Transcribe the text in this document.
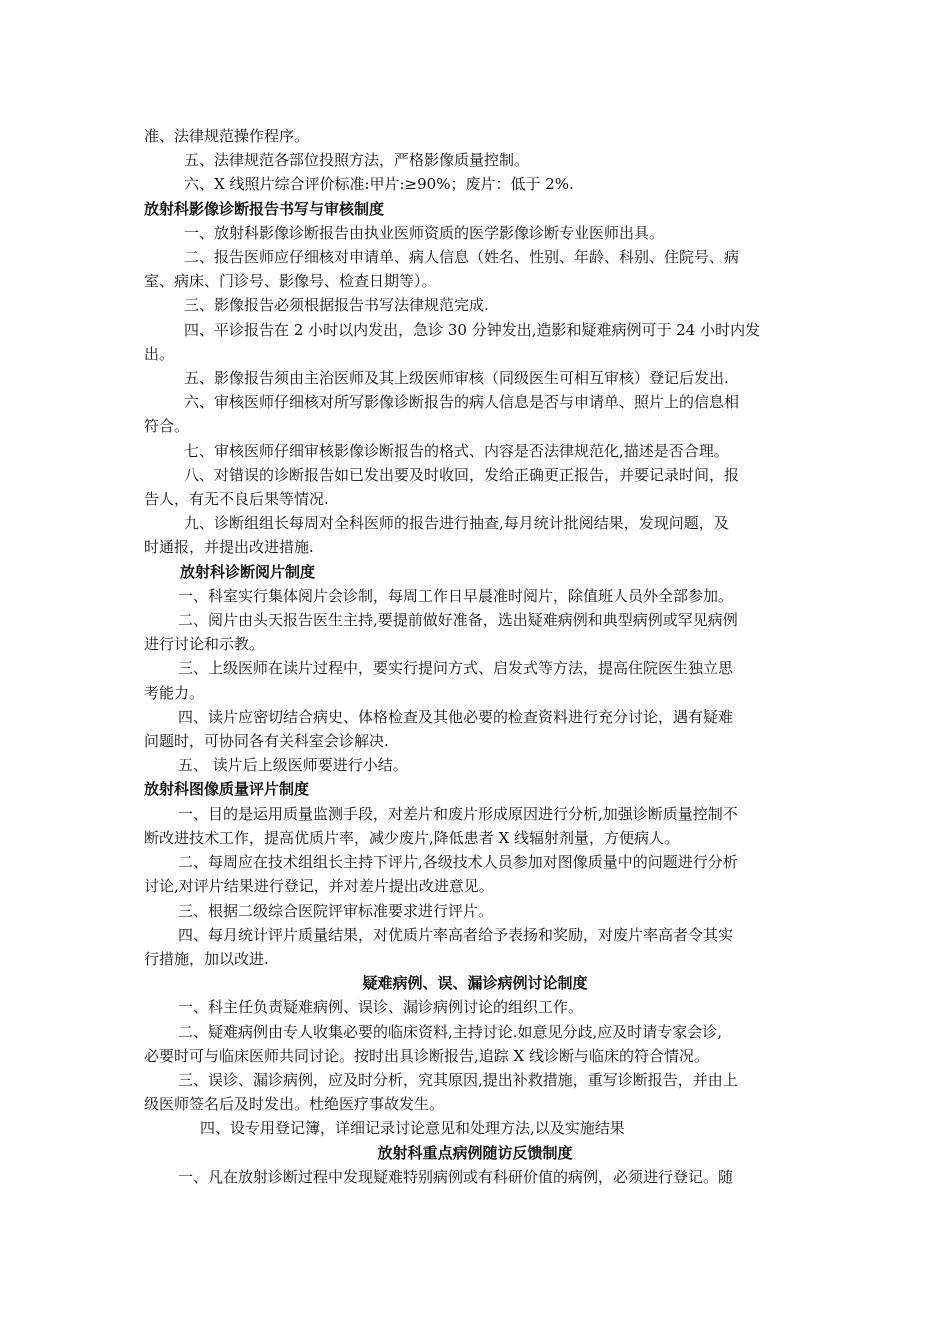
准、法律规范操作程序。
五、法律规范各部位投照方法，严格影像质量控制。
六、X 线照片综合评价标准:甲片:≥90%；废片：低于 2%.
放射科影像诊断报告书写与审核制度
一、放射科影像诊断报告由执业医师资质的医学影像诊断专业医师出具。
二、报告医师应仔细核对申请单、病人信息（姓名、性别、年龄、科别、住院号、病
室、病床、门诊号、影像号、检查日期等）。
三、影像报告必须根据报告书写法律规范完成.
四、平诊报告在 2 小时以内发出，急诊 30 分钟发出,造影和疑难病例可于 24 小时内发
出。
五、影像报告须由主治医师及其上级医师审核（同级医生可相互审核）登记后发出.
六、审核医师仔细核对所写影像诊断报告的病人信息是否与申请单、照片上的信息相
符合。
七、审核医师仔细审核影像诊断报告的格式、内容是否法律规范化,描述是否合理。
八、对错误的诊断报告如已发出要及时收回，发给正确更正报告，并要记录时间，报
告人，有无不良后果等情况.
九、诊断组组长每周对全科医师的报告进行抽查,每月统计批阅结果，发现问题，及
时通报，并提出改进措施.
放射科诊断阅片制度
一、科室实行集体阅片会诊制，每周工作日早晨准时阅片，除值班人员外全部参加。
二、阅片由头天报告医生主持,要提前做好准备，选出疑难病例和典型病例或罕见病例
进行讨论和示教。
三、上级医师在读片过程中，要实行提问方式、启发式等方法，提高住院医生独立思
考能力。
四、读片应密切结合病史、体格检查及其他必要的检查资料进行充分讨论，遇有疑难
问题时，可协同各有关科室会诊解决.
五、 读片后上级医师要进行小结。
放射科图像质量评片制度
一、目的是运用质量监测手段，对差片和废片形成原因进行分析,加强诊断质量控制不
断改进技术工作，提高优质片率，减少废片,降低患者 X 线辐射剂量，方便病人。
二、每周应在技术组组长主持下评片,各级技术人员参加对图像质量中的问题进行分析
讨论,对评片结果进行登记，并对差片提出改进意见。
三、根据二级综合医院评审标准要求进行评片。
四、每月统计评片质量结果，对优质片率高者给予表扬和奖励，对废片率高者令其实
行措施，加以改进.
疑难病例、误、漏诊病例讨论制度
一、科主任负责疑难病例、误诊、漏诊病例讨论的组织工作。
二、疑难病例由专人收集必要的临床资料,主持讨论.如意见分歧,应及时请专家会诊,
必要时可与临床医师共同讨论。按时出具诊断报告,追踪 X 线诊断与临床的符合情况。
三、误诊、漏诊病例，应及时分析，究其原因,提出补救措施，重写诊断报告，并由上
级医师签名后及时发出。杜绝医疗事故发生。
四、设专用登记簿，详细记录讨论意见和处理方法,以及实施结果
放射科重点病例随访反馈制度
一、凡在放射诊断过程中发现疑难特别病例或有科研价值的病例，必须进行登记。随
